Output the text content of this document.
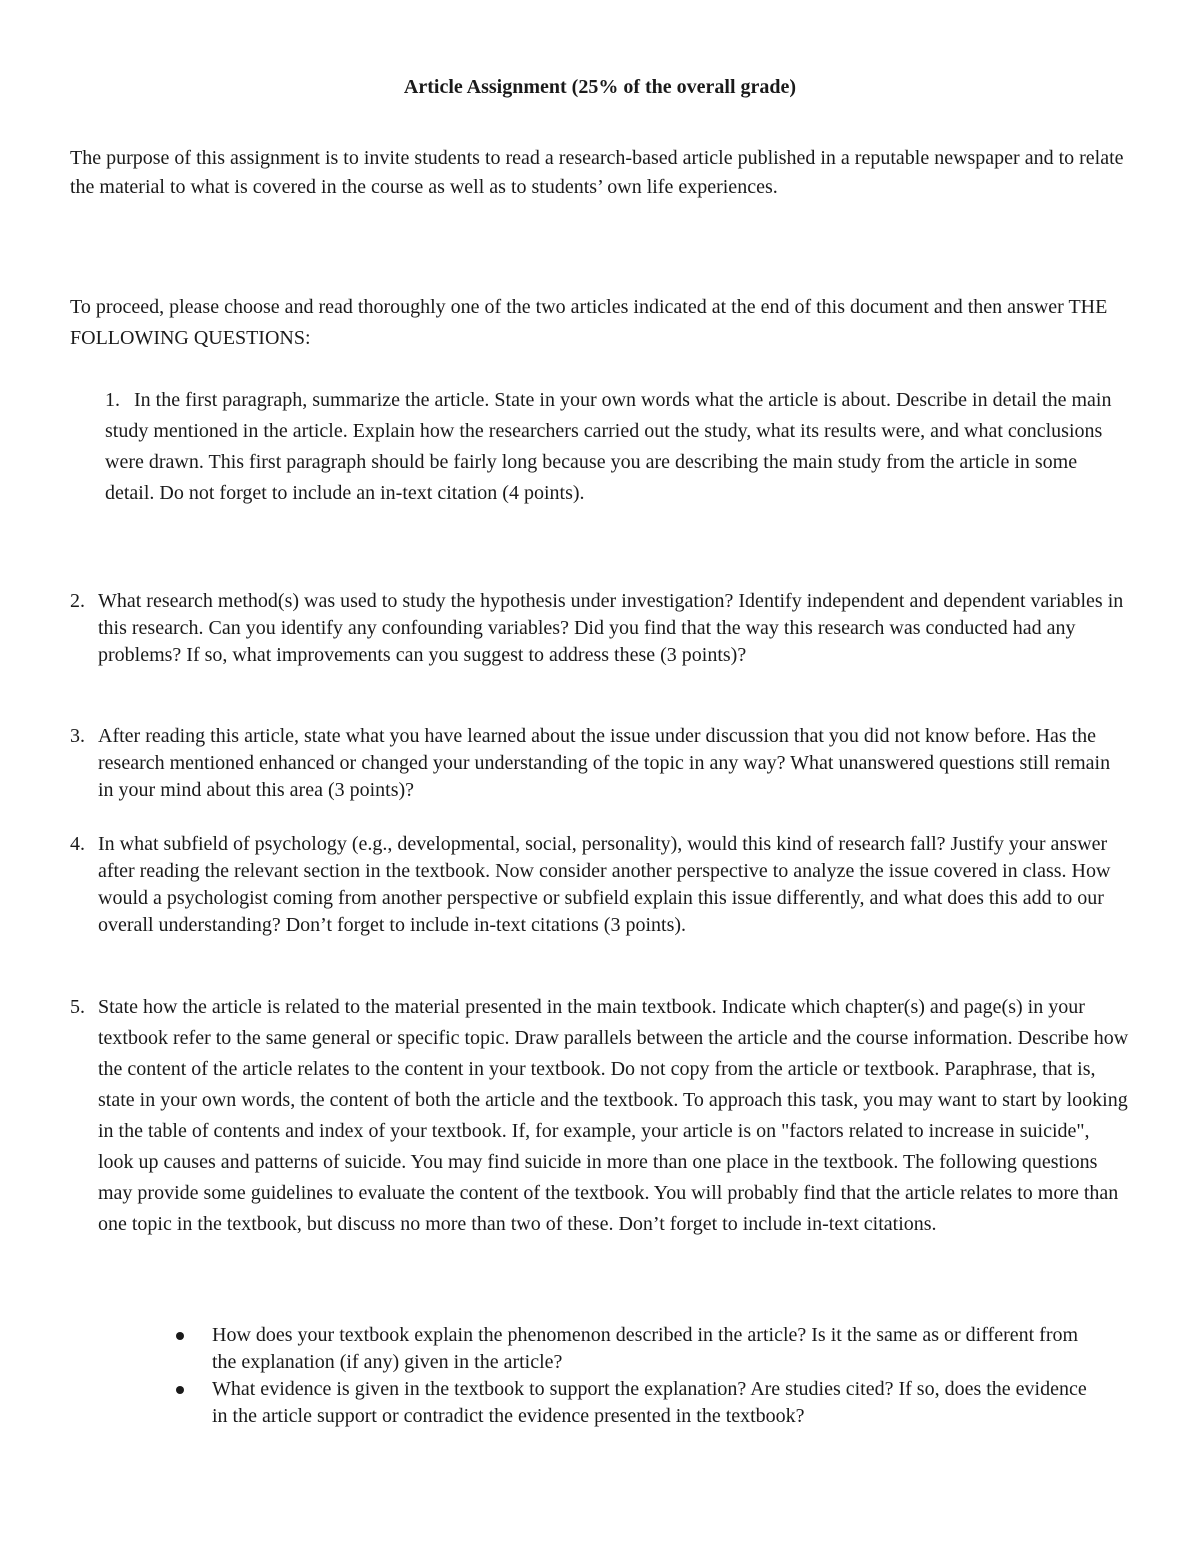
Article Assignment (25% of the overall grade)
The purpose of this assignment is to invite students to read a research-based article published in a reputable newspaper and to relate the material to what is covered in the course as well as to students’ own life experiences.
To proceed, please choose and read thoroughly one of the two articles indicated at the end of this document and then answer THE FOLLOWING QUESTIONS:
1. In the first paragraph, summarize the article. State in your own words what the article is about. Describe in detail the main study mentioned in the article. Explain how the researchers carried out the study, what its results were, and what conclusions were drawn. This first paragraph should be fairly long because you are describing the main study from the article in some detail. Do not forget to include an in-text citation (4 points).
2. What research method(s) was used to study the hypothesis under investigation? Identify independent and dependent variables in this research. Can you identify any confounding variables? Did you find that the way this research was conducted had any problems? If so, what improvements can you suggest to address these (3 points)?
3. After reading this article, state what you have learned about the issue under discussion that you did not know before. Has the research mentioned enhanced or changed your understanding of the topic in any way? What unanswered questions still remain in your mind about this area (3 points)?
4. In what subfield of psychology (e.g., developmental, social, personality), would this kind of research fall? Justify your answer after reading the relevant section in the textbook. Now consider another perspective to analyze the issue covered in class. How would a psychologist coming from another perspective or subfield explain this issue differently, and what does this add to our overall understanding? Don’t forget to include in-text citations (3 points).
5. State how the article is related to the material presented in the main textbook. Indicate which chapter(s) and page(s) in your textbook refer to the same general or specific topic. Draw parallels between the article and the course information. Describe how the content of the article relates to the content in your textbook. Do not copy from the article or textbook. Paraphrase, that is, state in your own words, the content of both the article and the textbook. To approach this task, you may want to start by looking in the table of contents and index of your textbook. If, for example, your article is on "factors related to increase in suicide", look up causes and patterns of suicide. You may find suicide in more than one place in the textbook. The following questions may provide some guidelines to evaluate the content of the textbook. You will probably find that the article relates to more than one topic in the textbook, but discuss no more than two of these. Don’t forget to include in-text citations.
How does your textbook explain the phenomenon described in the article? Is it the same as or different from the explanation (if any) given in the article?
What evidence is given in the textbook to support the explanation? Are studies cited? If so, does the evidence in the article support or contradict the evidence presented in the textbook?
